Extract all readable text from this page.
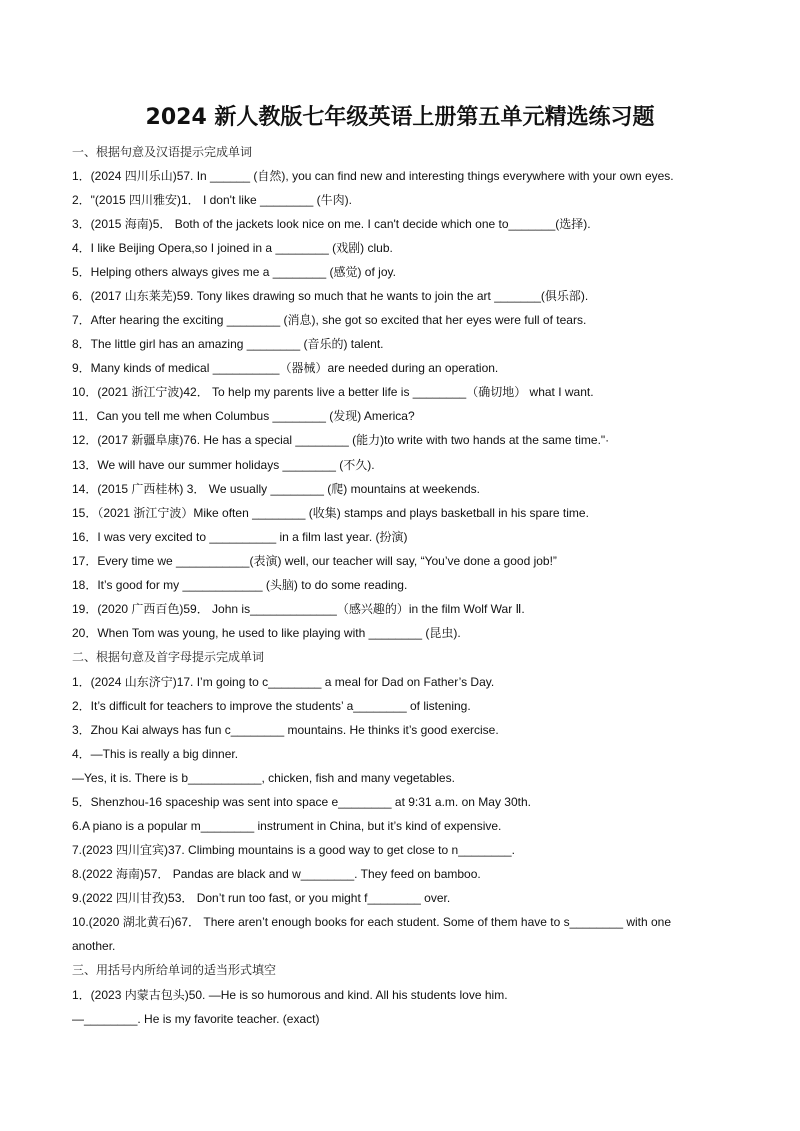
2024 新人教版七年级英语上册第五单元精选练习题
一、根据句意及汉语提示完成单词
1．(2024 四川乐山)57. In ______ (自然), you can find new and interesting things everywhere with your own eyes.
2．"(2015 四川雅安)1． I don't like ________ (牛肉).
3．(2015 海南)5． Both of the jackets look nice on me. I can't decide which one to_______(选择).
4．I like Beijing Opera,so I joined in a ________ (戏剧) club.
5．Helping others always gives me a ________ (感觉) of joy.
6．(2017 山东莱芜)59. Tony likes drawing so much that he wants to join the art _______(俱乐部).
7．After hearing the exciting ________ (消息), she got so excited that her eyes were full of tears.
8．The little girl has an amazing ________ (音乐的) talent.
9．Many kinds of medical __________（器械）are needed during an operation.
10．(2021 浙江宁波)42． To help my parents live a better life is ________（确切地） what I want.
11．Can you tell me when Columbus ________ (发现) America?
12．(2017 新疆阜康)76. He has a special ________ (能力)to write with two hands at the same time."·
13．We will have our summer holidays ________ (不久).
14．(2015 广西桂林) 3． We usually ________ (爬) mountains at weekends.
15．（2021 浙江宁波）Mike often ________ (收集) stamps and plays basketball in his spare time.
16．I was very excited to __________ in a film last year. (扮演)
17．Every time we ___________(表演) well, our teacher will say, “You’ve done a good job!”
18．It’s good for my ____________ (头脑) to do some reading.
19．(2020 广西百色)59． John is_____________（感兴趣的）in the film Wolf War Ⅱ.
20．When Tom was young, he used to like playing with ________ (昆虫).
二、根据句意及首字母提示完成单词
1．(2024 山东济宁)17. I’m going to c________ a meal for Dad on Father’s Day.
2．It’s difficult for teachers to improve the students’ a________ of listening.
3．Zhou Kai always has fun c________ mountains. He thinks it’s good exercise.
4．—This is really a big dinner.
—Yes, it is. There is b___________, chicken, fish and many vegetables.
5．Shenzhou-16 spaceship was sent into space e________ at 9:31 a.m. on May 30th.
6.A piano is a popular m________ instrument in China, but it’s kind of expensive.
7.(2023 四川宜宾)37. Climbing mountains is a good way to get close to n________.
8.(2022 海南)57． Pandas are black and w________. They feed on bamboo.
9.(2022 四川甘孜)53． Don’t run too fast, or you might f________ over.
10.(2020 湖北黄石)67． There aren’t enough books for each student. Some of them have to s________ with one
another.
三、用括号内所给单词的适当形式填空
1．(2023 内蒙古包头)50. —He is so humorous and kind. All his students love him.
—________. He is my favorite teacher. (exact)
